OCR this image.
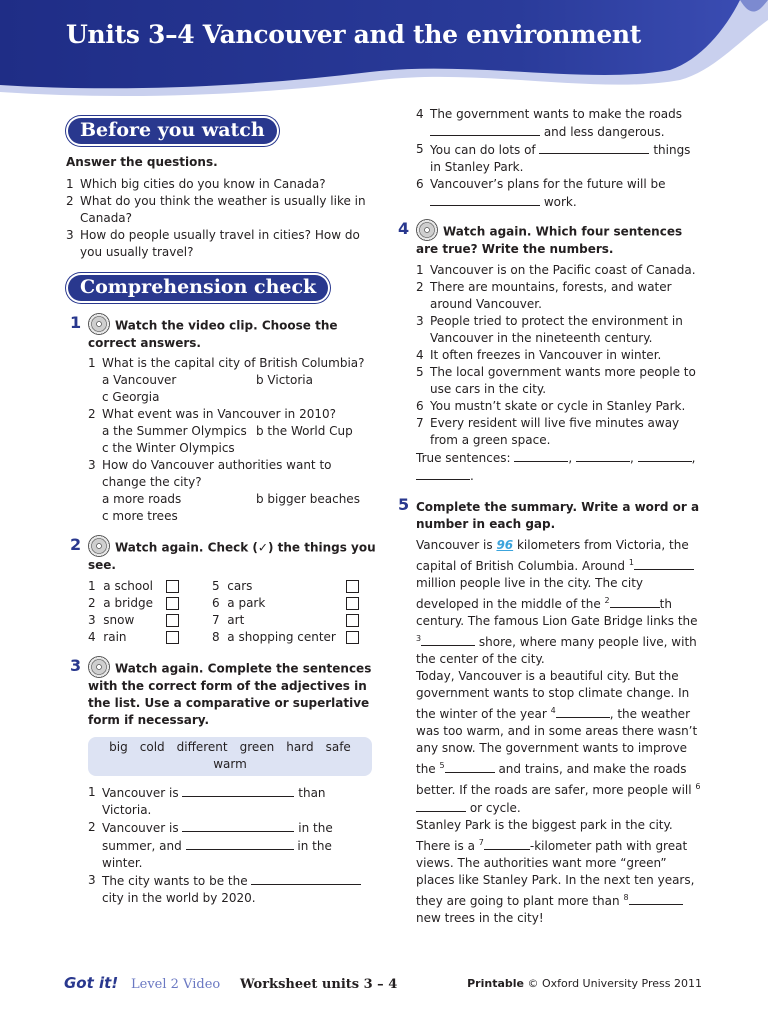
Units 3–4 Vancouver and the environment
Before you watch
Answer the questions.
1 Which big cities do you know in Canada?
2 What do you think the weather is usually like in Canada?
3 How do people usually travel in cities? How do you usually travel?
Comprehension check
1	Watch the video clip. Choose the correct answers.
1 What is the capital city of British Columbia?
a Vancouver	b Victoria
c Georgia
2 What event was in Vancouver in 2010?
a the Summer Olympics b the World Cup
c the Winter Olympics
3 How do Vancouver authorities want to change the city?
a more roads	b bigger beaches
c more trees
2	Watch again. Check (✓) the things you see.
1 a school
2 a bridge
3 snow
4 rain
5 cars
6 a park
7 art
8 a shopping center
3	Watch again. Complete the sentences with the correct form of the adjectives in the list. Use a comparative or superlative form if necessary.
big cold different green hard safe
warm
1 Vancouver is	than Victoria.
2 Vancouver is	in the
summer, and	in the winter.
3 The city wants to be the
city in the world by 2020.
4 The government wants to make the roads
and less dangerous.
5 You can do lots of	things
in Stanley Park.
6 Vancouver’s plans for the future will be
work.
4	Watch again. Which four sentences are true? Write the numbers.
1 Vancouver is on the Pacific coast of Canada.
2 There are mountains, forests, and water around Vancouver.
3 People tried to protect the environment in Vancouver in the nineteenth century.
4 It often freezes in Vancouver in winter.
5 The local government wants more people to use cars in the city.
6 You mustn’t skate or cycle in Stanley Park.
7 Every resident will live five minutes away from a green space.
True sentences:	,	,	,
.
5 Complete the summary. Write a word or a number in each gap.
Vancouver is 96 kilometers from Victoria, the capital of British Columbia. Around $^1$ million people live in the city. The city developed in the middle of the $^2$	th century. The famous Lion Gate Bridge links the $^3$	shore, where many people live, with the center of the city.
Today, Vancouver is a beautiful city. But the government wants to stop climate change. In the winter of the year $^4$	, the weather was too warm, and in some areas there wasn’t any snow. The government wants to improve the $^5$	and trains, and make the roads better. If the roads are safer, more people will $^6$ or cycle.
Stanley Park is the biggest park in the city. There is a $^7$	-kilometer path with great views. The authorities want more “green” places like Stanley Park. In the next ten years, they are going to plant more than $^8$ new trees in the city!
Got it! Level 2 Video Worksheet units 3 – 4	Printable © Oxford University Press 2011
